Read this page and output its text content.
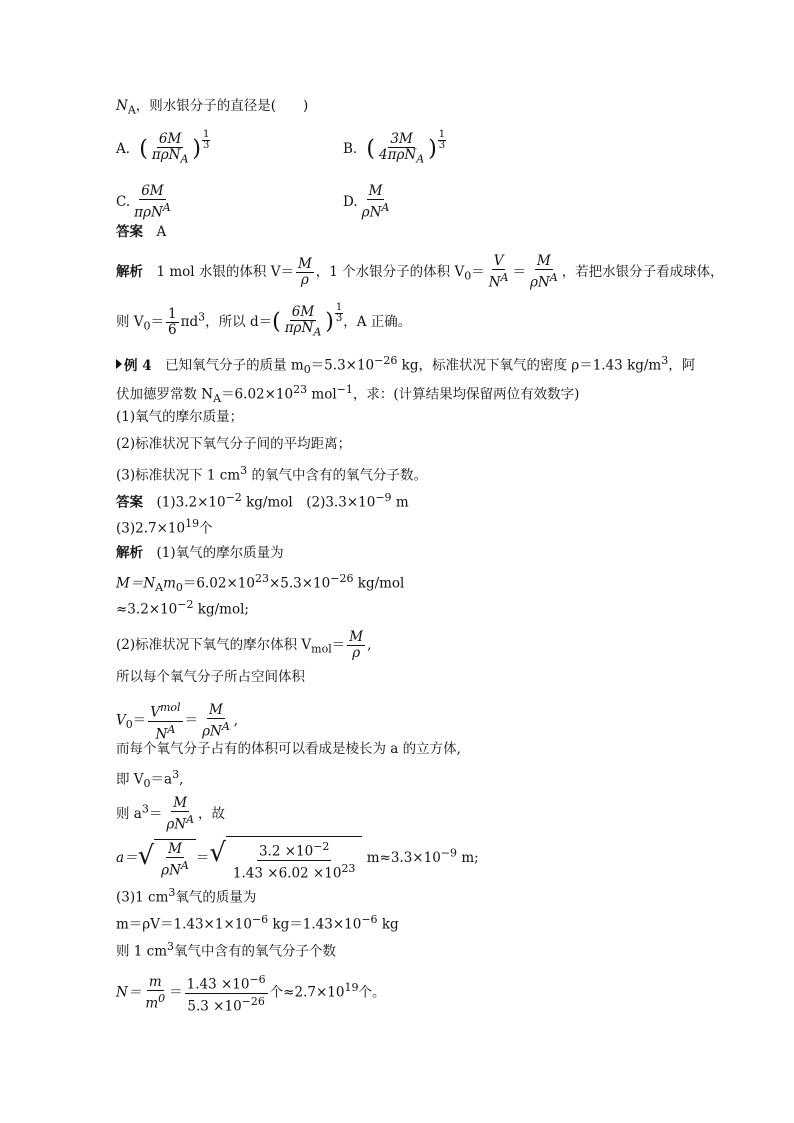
$N_A$，则水银分子的直径是(　　)
A．( $\frac{6M}{\pi\rho N_A}$ ) $\frac{1}{3}$	B．( $\frac{3M}{4\pi\rho N_A}$ ) $\frac{1}{3}$
C. $\frac{6M}{\pi\rho N^A}$	D. $\frac{M}{\rho N^A}$
答案　 A
解析　 1 mol 水银的体积 $V= \frac{M}{\rho}$ ，1 个水银分子的体积 $V_0= \frac{V}{N^A} = \frac{M}{\rho N^A}$ ，若把水银分子看成球体，
则 $V_0= \frac{1}{6} \pi d^3$，所以 $d=( \frac{6M}{\pi\rho N_A}$ ) $\frac{1}{3}$ ，A 正确。
例 4　 已知氧气分子的质量 $m_0=5.3\times 10^{-26}$ kg，标准状况下氧气的密度 ρ＝1.43 $kg/m^3$，阿
伏加德罗常数 $N_A=6.02\times 10^{23}$ mol$^{-1}$，求：(计算结果均保留两位有效数字)
(1)氧气的摩尔质量；
(2)标准状况下氧气分子间的平均距离；
(3)标准状况下 1 $cm^3$ 的氧气中含有的氧气分子数。
答案　 $(1)3.2\times 10^{-2}$ kg/mol　$(2)3.3\times 10^{-9}$ m
$(3)2.7\times 10^{19}$个
解析　 (1)氧气的摩尔质量为
$M=N_Am_0=6.02\times 10^{23}\times 5.3\times 10^{-26}$ kg/mol
$\approx 3.2\times 10^{-2}$ kg/mol;
(2)标准状况下氧气的摩尔体积 $V_{mol}= \frac{M}{\rho}$ ,
所以每个氧气分子所占空间体积
$V_0= \frac{V^{mol}}{N^A} = \frac{M}{\rho N^A}$ ,
而每个氧气分子占有的体积可以看成是棱长为 a 的立方体,
即 $V_0=a^3$,
则 $a^3= \frac{M}{\rho N^A}$ ，故
a＝ √ $\frac{M}{\rho N^A}$ ＝ √ $\frac{3.2 \times 10^{-2}}{1.43 \times 6.02 \times 10^{23}} m\approx 3.3\times 10^{-9}$ m;
(3)1 $cm^3$氧气的质量为
$m=\rho V=1.43\times 1\times 10^{-6}$ $kg=1.43\times 10^{-6}$ kg
则 1 $cm^3$氧气中含有的氧气分子个数
$N= \frac{m}{m^0} = \frac{1.43 \times 10^{-6}}{5.3 \times 10^{-26}}$ 个$\approx 2.7\times 10^{19}$个。
